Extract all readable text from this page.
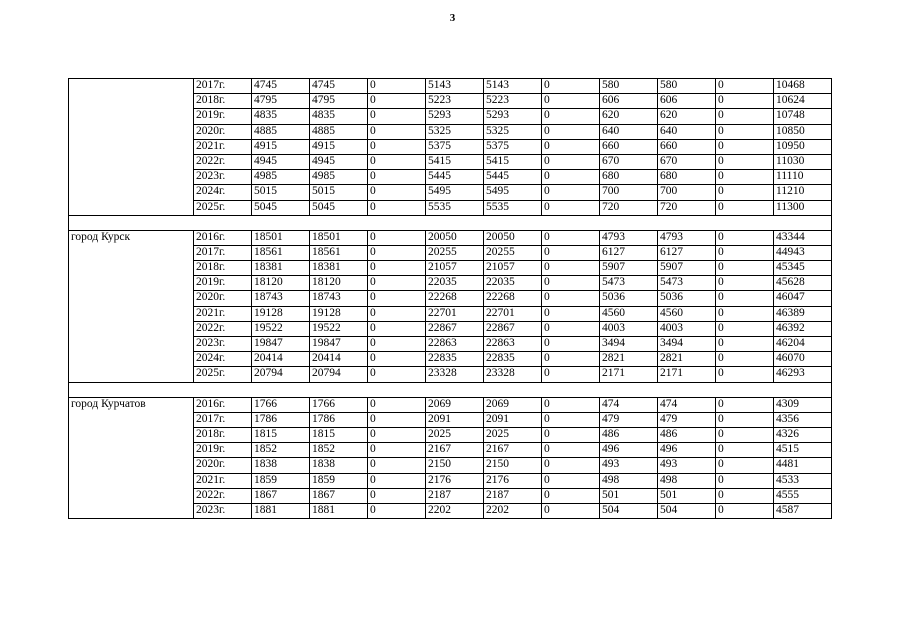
3
	2017г.	4745	4745	0	5143	5143	0	580	580	0	10468
	2018г.	4795	4795	0	5223	5223	0	606	606	0	10624
	2019г.	4835	4835	0	5293	5293	0	620	620	0	10748
	2020г.	4885	4885	0	5325	5325	0	640	640	0	10850
	2021г.	4915	4915	0	5375	5375	0	660	660	0	10950
	2022г.	4945	4945	0	5415	5415	0	670	670	0	11030
	2023г.	4985	4985	0	5445	5445	0	680	680	0	11110
	2024г.	5015	5015	0	5495	5495	0	700	700	0	11210
	2025г.	5045	5045	0	5535	5535	0	720	720	0	11300

город Курск	2016г.	18501	18501	0	20050	20050	0	4793	4793	0	43344
	2017г.	18561	18561	0	20255	20255	0	6127	6127	0	44943
	2018г.	18381	18381	0	21057	21057	0	5907	5907	0	45345
	2019г.	18120	18120	0	22035	22035	0	5473	5473	0	45628
	2020г.	18743	18743	0	22268	22268	0	5036	5036	0	46047
	2021г.	19128	19128	0	22701	22701	0	4560	4560	0	46389
	2022г.	19522	19522	0	22867	22867	0	4003	4003	0	46392
	2023г.	19847	19847	0	22863	22863	0	3494	3494	0	46204
	2024г.	20414	20414	0	22835	22835	0	2821	2821	0	46070
	2025г.	20794	20794	0	23328	23328	0	2171	2171	0	46293

город Курчатов	2016г.	1766	1766	0	2069	2069	0	474	474	0	4309
	2017г.	1786	1786	0	2091	2091	0	479	479	0	4356
	2018г.	1815	1815	0	2025	2025	0	486	486	0	4326
	2019г.	1852	1852	0	2167	2167	0	496	496	0	4515
	2020г.	1838	1838	0	2150	2150	0	493	493	0	4481
	2021г.	1859	1859	0	2176	2176	0	498	498	0	4533
	2022г.	1867	1867	0	2187	2187	0	501	501	0	4555
	2023г.	1881	1881	0	2202	2202	0	504	504	0	4587
